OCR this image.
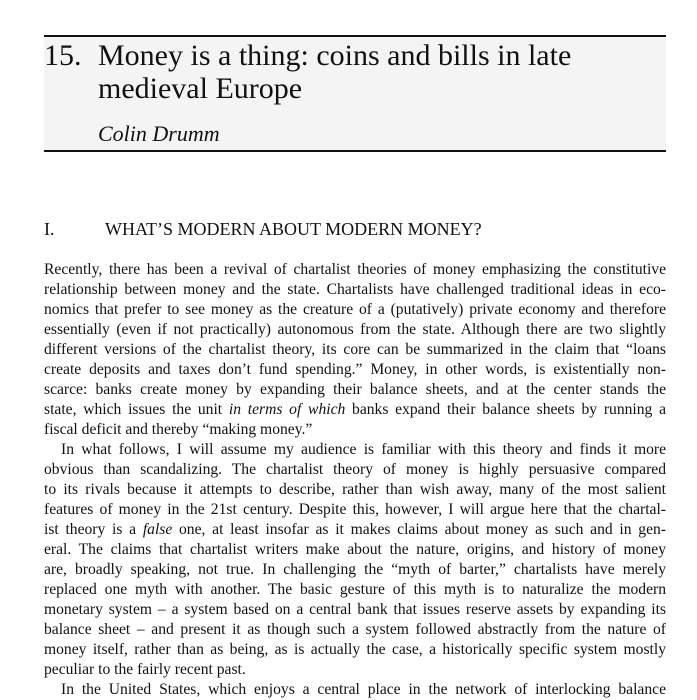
15. Money is a thing: coins and bills in late
medieval Europe
Colin Drumm
I.	WHAT’S MODERN ABOUT MODERN MONEY?
Recently, there has been a revival of chartalist theories of money emphasizing the constitutive
relationship between money and the state. Chartalists have challenged traditional ideas in eco-
nomics that prefer to see money as the creature of a (putatively) private economy and therefore
essentially (even if not practically) autonomous from the state. Although there are two slightly
different versions of the chartalist theory, its core can be summarized in the claim that “loans
create deposits and taxes don’t fund spending.” Money, in other words, is existentially non-
scarce: banks create money by expanding their balance sheets, and at the center stands the
state, which issues the unit in terms of which banks expand their balance sheets by running a
fiscal deficit and thereby “making money.”
In what follows, I will assume my audience is familiar with this theory and finds it more
obvious than scandalizing. The chartalist theory of money is highly persuasive compared
to its rivals because it attempts to describe, rather than wish away, many of the most salient
features of money in the 21st century. Despite this, however, I will argue here that the chartal-
ist theory is a false one, at least insofar as it makes claims about money as such and in gen-
eral. The claims that chartalist writers make about the nature, origins, and history of money
are, broadly speaking, not true. In challenging the “myth of barter,” chartalists have merely
replaced one myth with another. The basic gesture of this myth is to naturalize the modern
monetary system – a system based on a central bank that issues reserve assets by expanding its
balance sheet – and present it as though such a system followed abstractly from the nature of
money itself, rather than as being, as is actually the case, a historically specific system mostly
peculiar to the fairly recent past.
In the United States, which enjoys a central place in the network of interlocking balance
